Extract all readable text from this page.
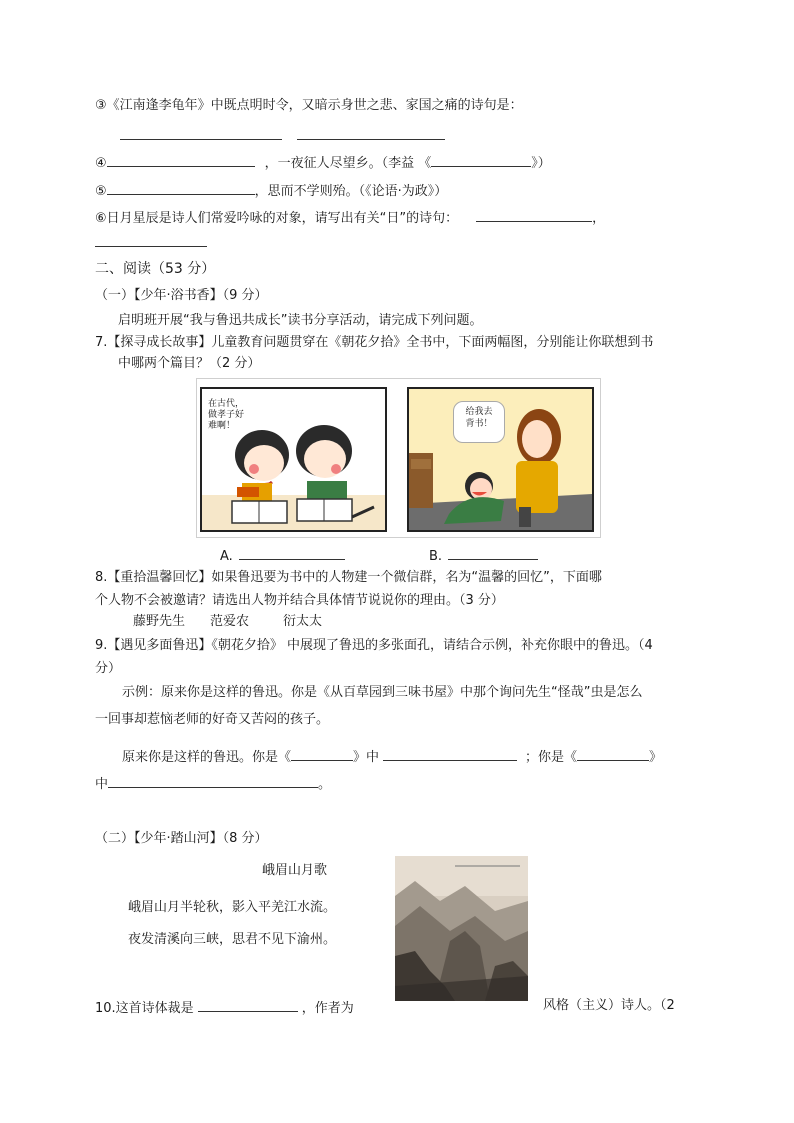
③《江南逢李龟年》中既点明时令，又暗示身世之悲、家国之痛的诗句是：
④	，一夜征人尽望乡。（李益 《	》）
⑤	，思而不学则殆。（《论语·为政》）
⑥日月星辰是诗人们常爱吟咏的对象，请写出有关“日”的诗句：	，
二、阅读（53 分）
（一）【少年·浴书香】（9 分）
启明班开展“我与鲁迅共成长”读书分享活动，请完成下列问题。
7.【探寻成长故事】儿童教育问题贯穿在《朝花夕拾》全书中，下面两幅图，分别能让你联想到书
中哪两个篇目？（2 分）
在古代，
做孝子好
难啊！
给我去
背书！
A.	B.
8.【重拾温馨回忆】如果鲁迅要为书中的人物建一个微信群，名为“温馨的回忆”，下面哪
个人物不会被邀请？请选出人物并结合具体情节说说你的理由。（3 分）
藤野先生 范爱农	衍太太
9.【遇见多面鲁迅】《朝花夕拾》 中展现了鲁迅的多张面孔，请结合示例，补充你眼中的鲁迅。（4
分）
示例：原来你是这样的鲁迅。你是《从百草园到三味书屋》中那个询问先生“怪哉”虫是怎么
一回事却惹恼老师的好奇又苦闷的孩子。
原来你是这样的鲁迅。你是《	》中	；你是《	》
中	。
（二）【少年·踏山河】（8 分）
峨眉山月歌
峨眉山月半轮秋，影入平羌江水流。
夜发清溪向三峡，思君不见下渝州。
10.这首诗体裁是	，作者为	风格（主义）诗人。（2
